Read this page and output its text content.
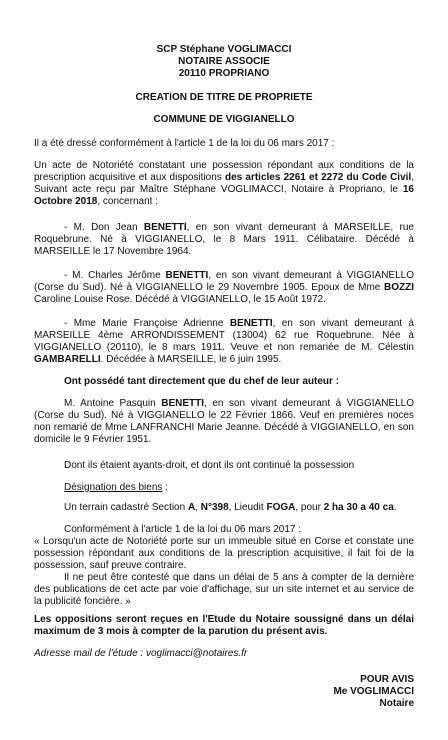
SCP Stéphane VOGLIMACCI

NOTAIRE ASSOCIE

20110 PROPRIANO

CREATION DE TITRE DE PROPRIETE

COMMUNE DE VIGGIANELLO

Il a été dressé conformément à l'article 1 de la loi du 06 mars 2017 :

Un acte de Notoriété constatant une possession répondant aux conditions de la prescription acquisitive et aux dispositions des articles 2261 et 2272 du Code Civil, Suivant acte reçu par Maître Stéphane VOGLIMACCI, Notaire à Propriano, le 16 Octobre 2018, concernant :

- M. Don Jean BENETTI, en son vivant demeurant à MARSEILLE, rue Roquebrune. Né à VIGGIANELLO, le 8 Mars 1911. Célibataire. Décédé à MARSEILLE le 17 Novembre 1964.

- M. Charles Jérôme BENETTI, en son vivant demeurant à VIGGIANELLO (Corse du Sud). Né à VIGGIANELLO le 29 Novembre 1905. Epoux de Mme BOZZI Caroline Louise Rose. Décédé à VIGGIANELLO, le 15 Août 1972.

- Mme Marie Françoise Adrienne BENETTI, en son vivant demeurant à MARSEILLE 4ème ARRONDISSEMENT (13004) 62 rue Roquebrune. Née à VIGGIANELLO (20110), le 8 mars 1911. Veuve et non remariée de M. Célestin GAMBARELLI. Décédée à MARSEILLE, le 6 juin 1995.

Ont possédé tant directement que du chef de leur auteur :

M. Antoine Pasquin BENETTI, en son vivant demeurant à VIGGIANELLO (Corse du Sud). Né à VIGGIANELLO le 22 Février 1866. Veuf en premières noces non remarié de Mme LANFRANCHI Marie Jeanne. Décédé à VIGGIANELLO, en son domicile le 9 Février 1951.

Dont ils étaient ayants-droit, et dont ils ont continué la possession

Désignation des biens :

Un terrain cadastré Section A, N°398, Lieudit FOGA, pour 2 ha 30 a 40 ca.

Conformément à l'article 1 de la loi du 06 mars 2017 :

« Lorsqu'un acte de Notoriété porte sur un immeuble situé en Corse et constate une possession répondant aux conditions de la prescription acquisitive, il fait foi de la possession, sauf preuve contraire.

Il ne peut être contesté que dans un délai de 5 ans à compter de la dernière des publications de cet acte par voie d'affichage, sur un site internet et au service de la publicité foncière. »

Les oppositions seront reçues en l'Etude du Notaire soussigné dans un délai maximum de 3 mois à compter de la parution du présent avis.

Adresse mail de l'étude : voglimacci@notaires.fr

POUR AVIS

Me VOGLIMACCI

Notaire
